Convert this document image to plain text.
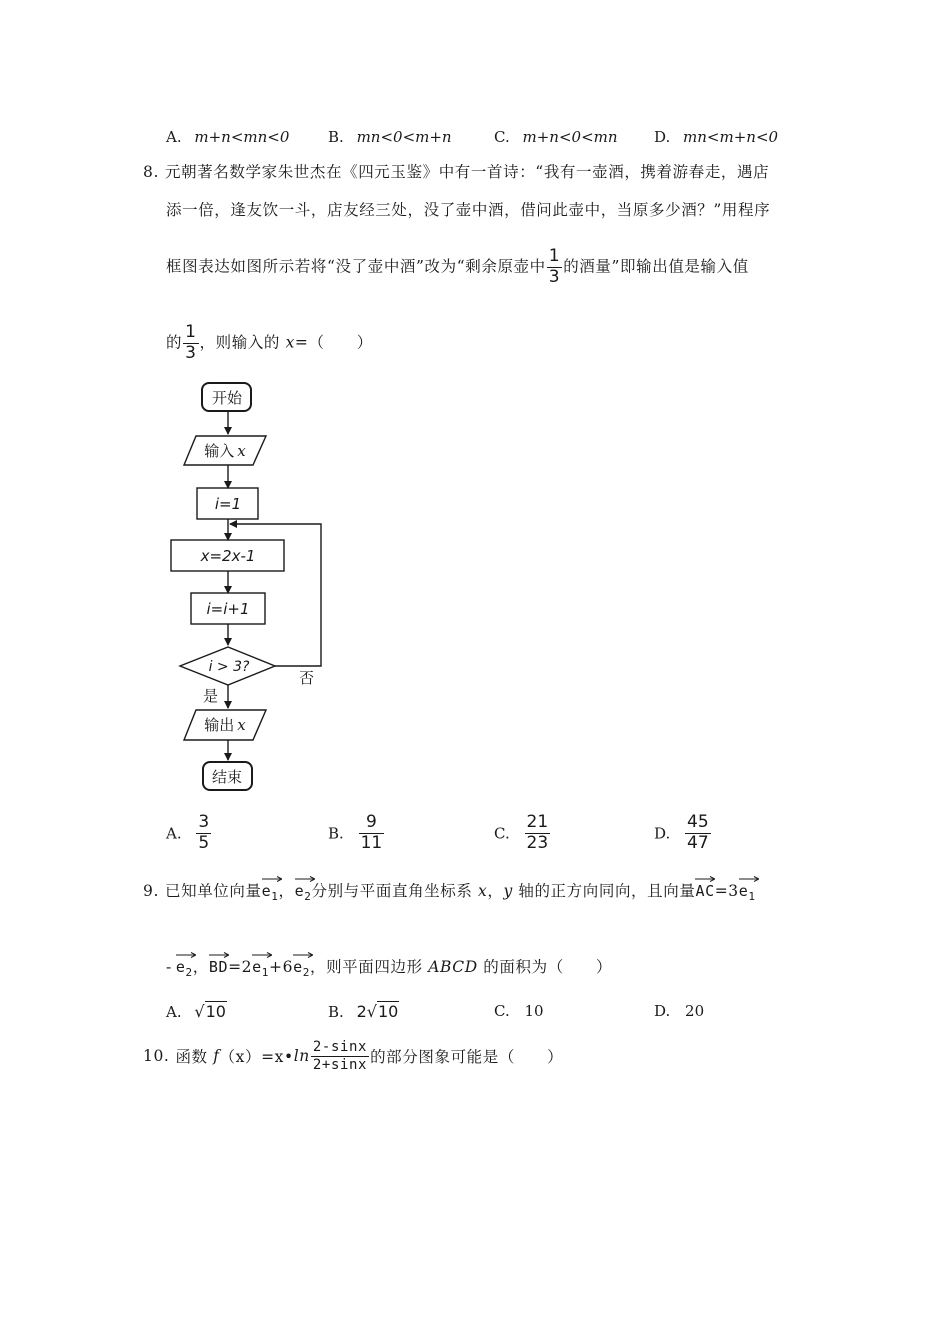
A. m+n<mn<0	B. mn<0<m+n	C. m+n<0<mn D. mn<m+n<0
8. 元朝著名数学家朱世杰在《四元玉鉴》中有一首诗：“我有一壶酒，携着游春走，遇店
添一倍，逢友饮一斗，店友经三处，没了壶中酒，借问此壶中，当原多少酒？”用程序
框图表达如图所示若将“没了壶中酒”改为“剩余原壶中 $\frac{1}{3}$ 的酒量”即输出值是输入值
的 $\frac{1}{3}$ ，则输入的 x=（　　）
开始
输入 x
i=1
x=2x-1
i=i+1
i > 3?
否
是
输出 x
结束
A. $\frac{3}{5}$	B. $\frac{9}{11}$	C. $\frac{21}{23}$	D. $\frac{45}{47}$
9. 已知单位向量
$e_1$，
$e_2$分别与平面直角坐标系 x，y 轴的正方向同向，且向量
AC=3
$e_1$
- $e_2$，
BD=2
$e_1+6$
$e_2$，则平面四边形 ABCD 的面积为（　　）
A. √10	B. 2√10	C. 10	D. 20
10. 函数 f（x）=x•ln $\frac{2-\sin x}{2+\sin x}$ 的部分图象可能是（　　）
